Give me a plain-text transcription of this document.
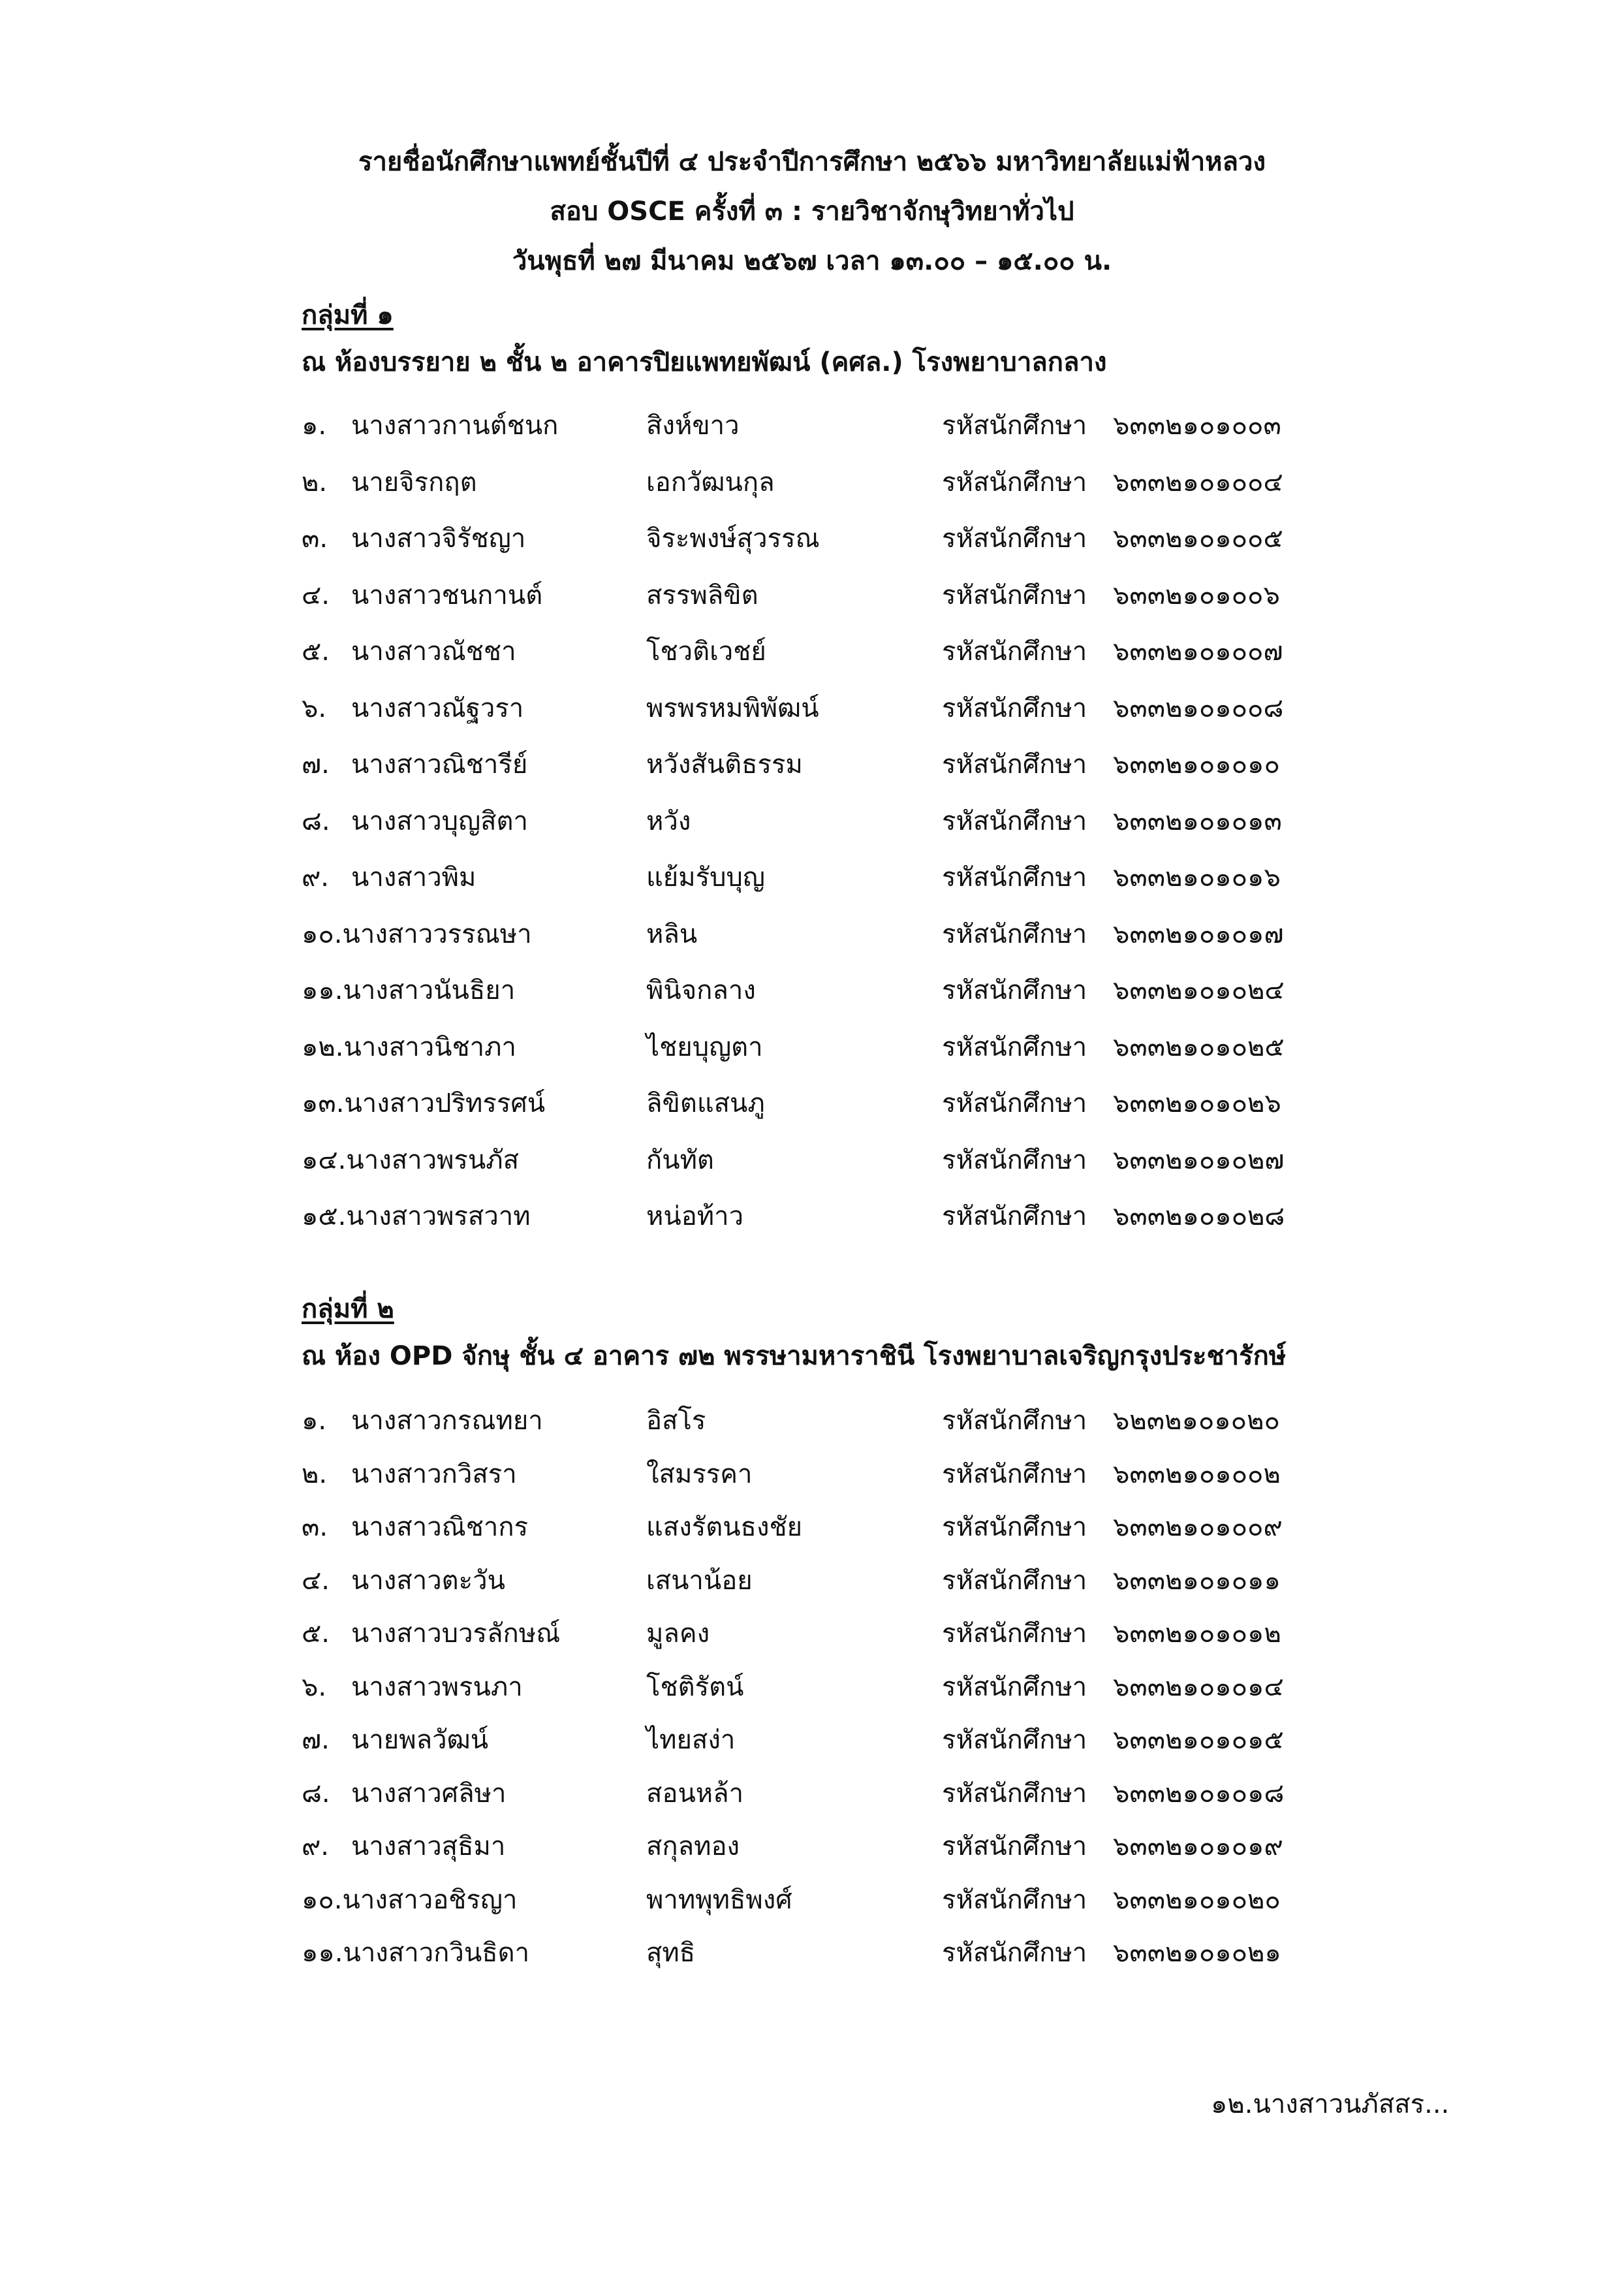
รายชื่อนักศึกษาแพทย์ชั้นปีที่ ๔ ประจำปีการศึกษา ๒๕๖๖ มหาวิทยาลัยแม่ฟ้าหลวง
สอบ OSCE ครั้งที่ ๓ : รายวิชาจักษุวิทยาทั่วไป
วันพุธที่ ๒๗ มีนาคม ๒๕๖๗ เวลา ๑๓.๐๐ – ๑๕.๐๐ น.
กลุ่มที่ ๑
ณ ห้องบรรยาย ๒ ชั้น ๒ อาคารปิยแพทยพัฒน์ (คศล.) โรงพยาบาลกลาง
๑. นางสาวกานต์ชนก	สิงห์ขาว	รหัสนักศึกษา ๖๓๓๒๑๐๑๐๐๓
๒. นายจิรกฤต	เอกวัฒนกุล	รหัสนักศึกษา ๖๓๓๒๑๐๑๐๐๔
๓. นางสาวจิรัชญา	จิระพงษ์สุวรรณ	รหัสนักศึกษา ๖๓๓๒๑๐๑๐๐๕
๔. นางสาวชนกานต์	สรรพลิขิต	รหัสนักศึกษา ๖๓๓๒๑๐๑๐๐๖
๕. นางสาวณัชชา	โชวติเวชย์	รหัสนักศึกษา ๖๓๓๒๑๐๑๐๐๗
๖. นางสาวณัฐวรา	พรพรหมพิพัฒน์	รหัสนักศึกษา ๖๓๓๒๑๐๑๐๐๘
๗. นางสาวณิชารีย์	หวังสันติธรรม	รหัสนักศึกษา ๖๓๓๒๑๐๑๐๑๐
๘. นางสาวบุญสิตา	หวัง	รหัสนักศึกษา ๖๓๓๒๑๐๑๐๑๓
๙. นางสาวพิม	แย้มรับบุญ	รหัสนักศึกษา ๖๓๓๒๑๐๑๐๑๖
๑๐.นางสาววรรณษา	หลิน	รหัสนักศึกษา ๖๓๓๒๑๐๑๐๑๗
๑๑.นางสาวนันธิยา	พินิจกลาง	รหัสนักศึกษา ๖๓๓๒๑๐๑๐๒๔
๑๒.นางสาวนิชาภา	ไชยบุญตา	รหัสนักศึกษา ๖๓๓๒๑๐๑๐๒๕
๑๓.นางสาวปริทรรศน์	ลิขิตแสนภู	รหัสนักศึกษา ๖๓๓๒๑๐๑๐๒๖
๑๔.นางสาวพรนภัส	กันทัต	รหัสนักศึกษา ๖๓๓๒๑๐๑๐๒๗
๑๕.นางสาวพรสวาท	หน่อท้าว	รหัสนักศึกษา ๖๓๓๒๑๐๑๐๒๘
กลุ่มที่ ๒
ณ ห้อง OPD จักษุ ชั้น ๔ อาคาร ๗๒ พรรษามหาราชินี โรงพยาบาลเจริญกรุงประชารักษ์
๑. นางสาวกรณทยา	อิสโร	รหัสนักศึกษา ๖๒๓๒๑๐๑๐๒๐
๒. นางสาวกวิสรา	ใสมรรคา	รหัสนักศึกษา ๖๓๓๒๑๐๑๐๐๒
๓. นางสาวณิชากร	แสงรัตนธงชัย	รหัสนักศึกษา ๖๓๓๒๑๐๑๐๐๙
๔. นางสาวตะวัน	เสนาน้อย	รหัสนักศึกษา ๖๓๓๒๑๐๑๐๑๑
๕. นางสาวบวรลักษณ์	มูลคง	รหัสนักศึกษา ๖๓๓๒๑๐๑๐๑๒
๖. นางสาวพรนภา	โชติรัตน์	รหัสนักศึกษา ๖๓๓๒๑๐๑๐๑๔
๗. นายพลวัฒน์	ไทยสง่า	รหัสนักศึกษา ๖๓๓๒๑๐๑๐๑๕
๘. นางสาวศลิษา	สอนหล้า	รหัสนักศึกษา ๖๓๓๒๑๐๑๐๑๘
๙. นางสาวสุธิมา	สกุลทอง	รหัสนักศึกษา ๖๓๓๒๑๐๑๐๑๙
๑๐.นางสาวอชิรญา	พาทพุทธิพงศ์	รหัสนักศึกษา ๖๓๓๒๑๐๑๐๒๐
๑๑.นางสาวกวินธิดา	สุทธิ	รหัสนักศึกษา ๖๓๓๒๑๐๑๐๒๑
๑๒.นางสาวนภัสสร...
